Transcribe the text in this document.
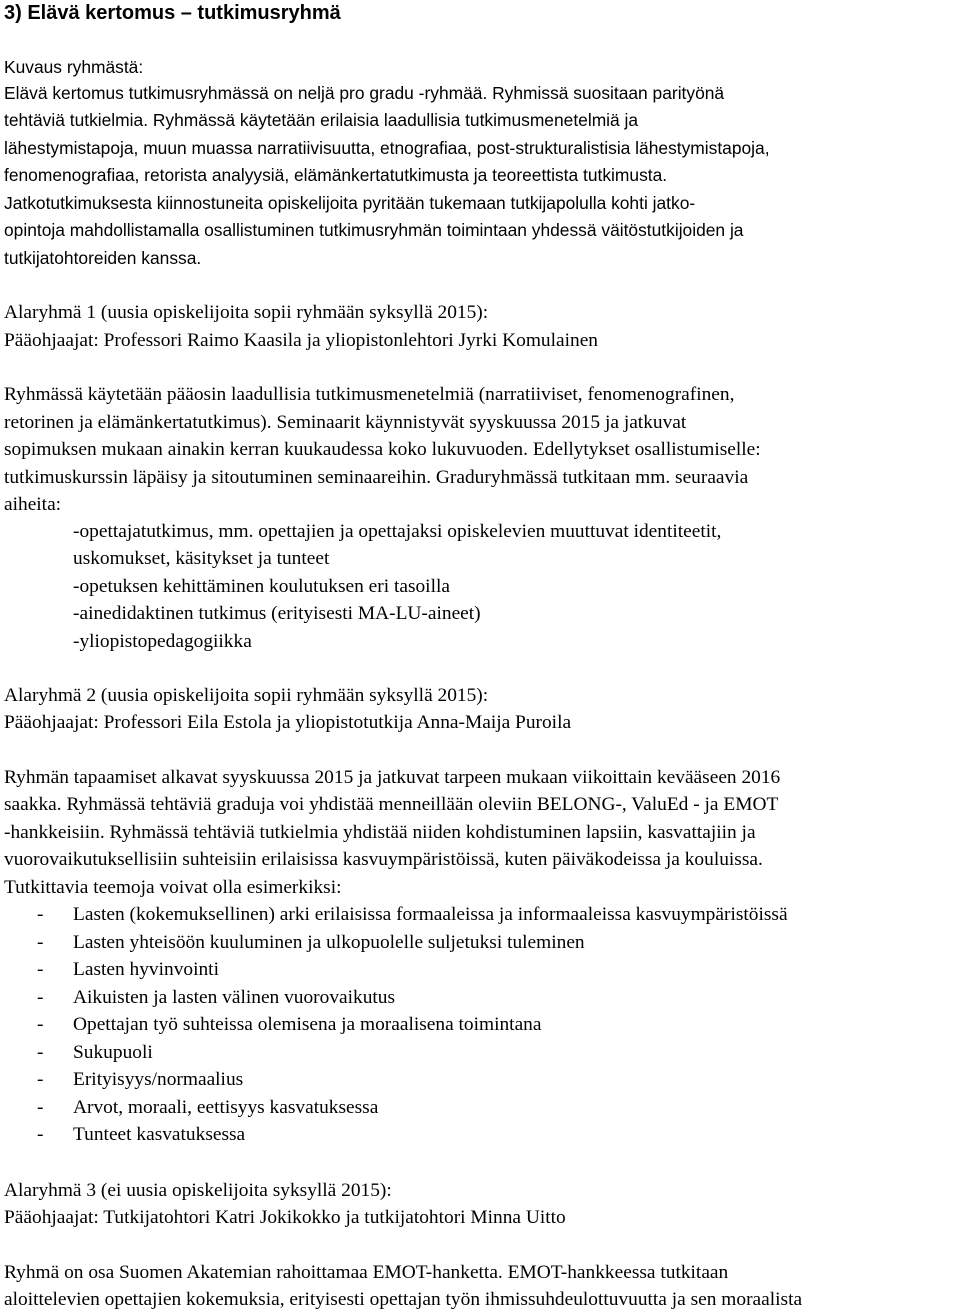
3) Elävä kertomus – tutkimusryhmä
Kuvaus ryhmästä:
Elävä kertomus tutkimusryhmässä on neljä pro gradu -ryhmää. Ryhmissä suositaan parityönä
tehtäviä tutkielmia. Ryhmässä käytetään erilaisia laadullisia tutkimusmenetelmiä ja
lähestymistapoja, muun muassa narratiivisuutta, etnografiaa, post-strukturalistisia lähestymistapoja,
fenomenografiaa, retorista analyysiä, elämänkertatutkimusta ja teoreettista tutkimusta.
Jatkotutkimuksesta kiinnostuneita opiskelijoita pyritään tukemaan tutkijapolulla kohti jatko-
opintoja mahdollistamalla osallistuminen tutkimusryhmän toimintaan yhdessä väitöstutkijoiden ja
tutkijatohtoreiden kanssa.
Alaryhmä 1 (uusia opiskelijoita sopii ryhmään syksyllä 2015):
Pääohjaajat: Professori Raimo Kaasila ja yliopistonlehtori Jyrki Komulainen
Ryhmässä käytetään pääosin laadullisia tutkimusmenetelmiä (narratiiviset, fenomenografinen,
retorinen ja elämänkertatutkimus). Seminaarit käynnistyvät syyskuussa 2015 ja jatkuvat
sopimuksen mukaan ainakin kerran kuukaudessa koko lukuvuoden. Edellytykset osallistumiselle:
tutkimuskurssin läpäisy ja sitoutuminen seminaareihin. Graduryhmässä tutkitaan mm. seuraavia
aiheita:
-opettajatutkimus, mm. opettajien ja opettajaksi opiskelevien muuttuvat identiteetit,
uskomukset, käsitykset ja tunteet
-opetuksen kehittäminen koulutuksen eri tasoilla
-ainedidaktinen tutkimus (erityisesti MA-LU-aineet)
-yliopistopedagogiikka
Alaryhmä 2 (uusia opiskelijoita sopii ryhmään syksyllä 2015):
Pääohjaajat: Professori Eila Estola ja yliopistotutkija Anna-Maija Puroila
Ryhmän tapaamiset alkavat syyskuussa 2015 ja jatkuvat tarpeen mukaan viikoittain kevääseen 2016
saakka. Ryhmässä tehtäviä graduja voi yhdistää menneillään oleviin BELONG-, ValuEd - ja EMOT
-hankkeisiin. Ryhmässä tehtäviä tutkielmia yhdistää niiden kohdistuminen lapsiin, kasvattajiin ja
vuorovaikutuksellisiin suhteisiin erilaisissa kasvuympäristöissä, kuten päiväkodeissa ja kouluissa.
Tutkittavia teemoja voivat olla esimerkiksi:
- Lasten (kokemuksellinen) arki erilaisissa formaaleissa ja informaaleissa kasvuympäristöissä
- Lasten yhteisöön kuuluminen ja ulkopuolelle suljetuksi tuleminen
- Lasten hyvinvointi
- Aikuisten ja lasten välinen vuorovaikutus
- Opettajan työ suhteissa olemisena ja moraalisena toimintana
- Sukupuoli
- Erityisyys/normaalius
- Arvot, moraali, eettisyys kasvatuksessa
- Tunteet kasvatuksessa
Alaryhmä 3 (ei uusia opiskelijoita syksyllä 2015):
Pääohjaajat: Tutkijatohtori Katri Jokikokko ja tutkijatohtori Minna Uitto
Ryhmä on osa Suomen Akatemian rahoittamaa EMOT-hanketta. EMOT-hankkeessa tutkitaan
aloittelevien opettajien kokemuksia, erityisesti opettajan työn ihmissuhdeulottuvuutta ja sen moraalista
